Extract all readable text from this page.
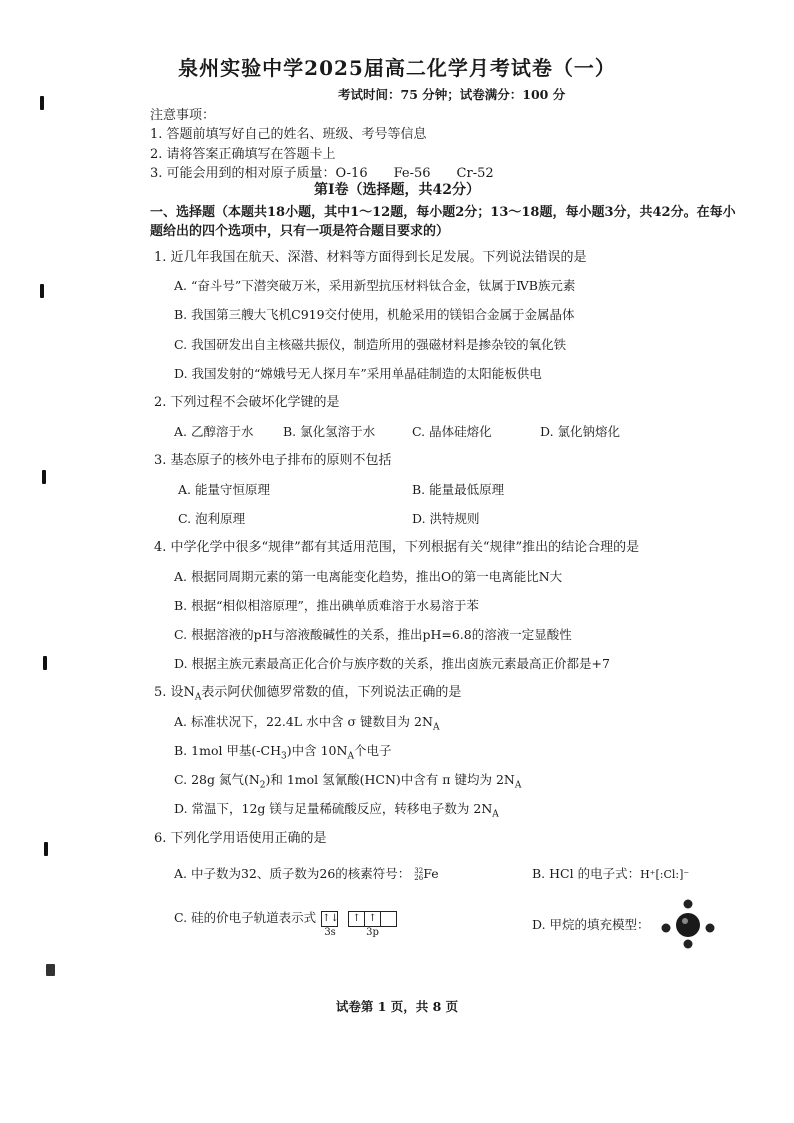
泉州实验中学2025届高二化学月考试卷（一）
考试时间：75 分钟；试卷满分：100 分
注意事项：
1. 答题前填写好自己的姓名、班级、考号等信息
2. 请将答案正确填写在答题卡上
3. 可能会用到的相对原子质量：O-16　　Fe-56　　Cr-52
第Ⅰ卷（选择题，共42分）
一、选择题（本题共18小题，其中1～12题，每小题2分；13～18题，每小题3分，共42分。在每小
题给出的四个选项中，只有一项是符合题目要求的）
1. 近几年我国在航天、深潜、材料等方面得到长足发展。下列说法错误的是
A. “奋斗号”下潜突破万米，采用新型抗压材料钛合金，钛属于ⅣB族元素
B. 我国第三艘大飞机C919交付使用，机舱采用的镁铝合金属于金属晶体
C. 我国研发出自主核磁共振仪，制造所用的强磁材料是掺杂铰的氧化铁
D. 我国发射的“嫦娥号无人探月车”采用单晶硅制造的太阳能板供电
2. 下列过程不会破坏化学键的是
A. 乙醇溶于水 B. 氯化氢溶于水	C. 晶体硅熔化	D. 氯化钠熔化
3. 基态原子的核外电子排布的原则不包括
A. 能量守恒原理	B. 能量最低原理
C. 泡利原理	D. 洪特规则
4. 中学化学中很多“规律”都有其适用范围，下列根据有关“规律”推出的结论合理的是
A. 根据同周期元素的第一电离能变化趋势，推出O的第一电离能比N大
B. 根据“相似相溶原理”，推出碘单质难溶于水易溶于苯
C. 根据溶液的pH与溶液酸碱性的关系，推出pH=6.8的溶液一定显酸性
D. 根据主族元素最高正化合价与族序数的关系，推出卤族元素最高正价都是+7
5. 设$N_A$表示阿伏伽德罗常数的值，下列说法正确的是
A. 标准状况下，22.4L 水中含 σ 键数目为 $2N_A$
B. 1mol 甲基$(-CH_3)$中含 $10N_A$个电子
C. 28g 氮气$(N_2)$和 1mol 氢氰酸(HCN)中含有 π 键均为 $2N_A$
D. 常温下，12g 镁与足量稀硫酸反应，转移电子数为 $2N_A$
6. 下列化学用语使用正确的是
A. 中子数为32、质子数为26的核素符号： 32
26 Fe	B. HCl 的电子式：H⁺[:Cl:]⁻
C. 硅的价电子轨道表示式 ↑↓
3s
↑ ↑
3p
D. 甲烷的填充模型：
试卷第 1 页，共 8 页
